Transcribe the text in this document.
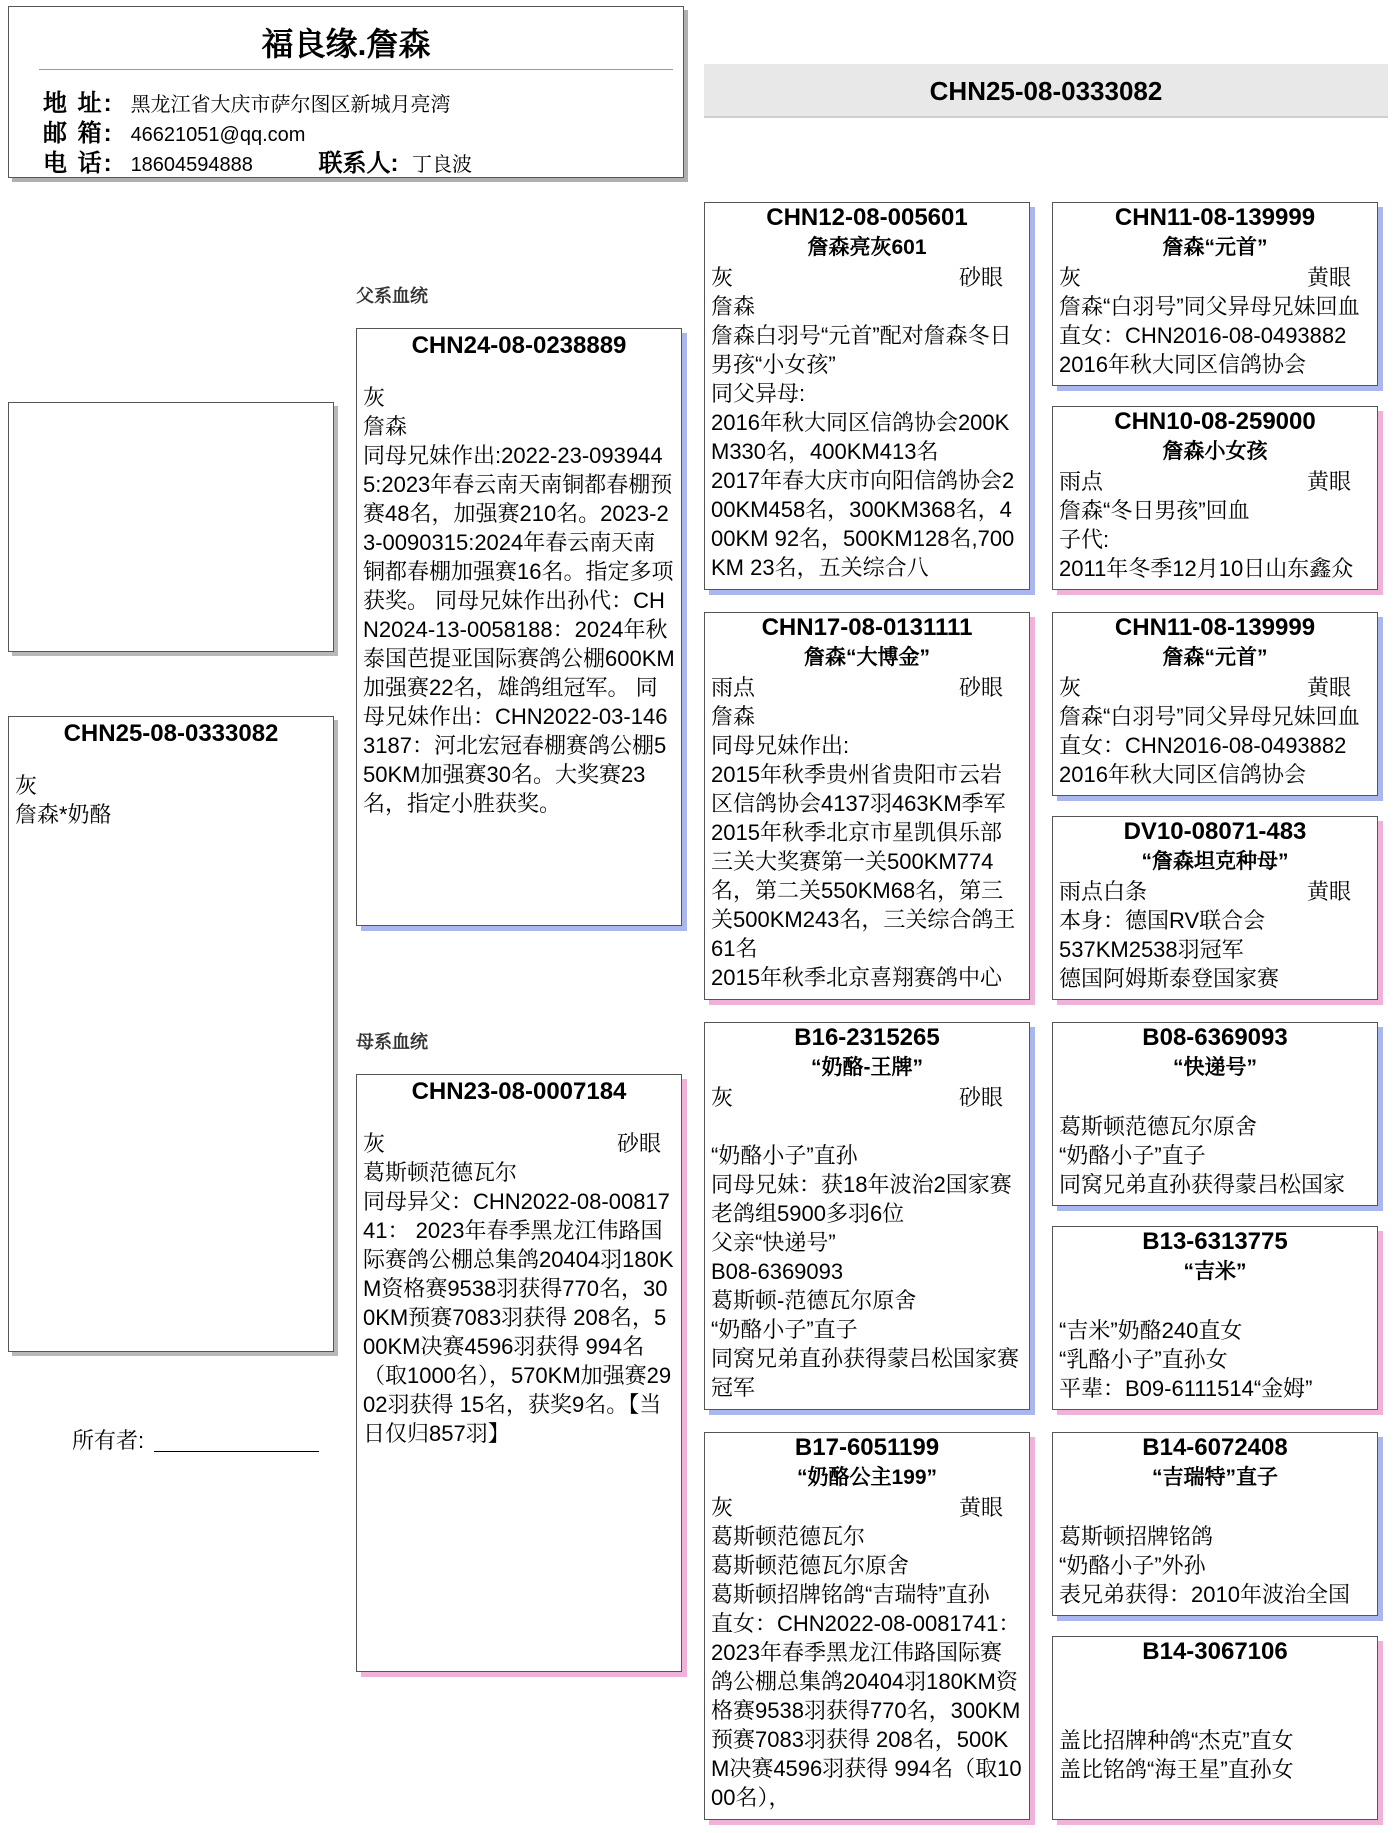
福良缘.詹森
地 址: 黑龙江省大庆市萨尔图区新城月亮湾
邮 箱: 46621051@qq.com
电 话: 18604594888	联系人: 丁良波
CHN25-08-0333082
父系血统
母系血统
CHN25-08-0333082
灰
詹森*奶酪
CHN24-08-0238889
灰
詹森
同母兄妹作出:2022-23-0939445:2023年春云南天南铜都春棚预赛48名，加强赛210名。2023-23-0090315:2024年春云南天南铜都春棚加强赛16名。指定多项获奖。 同母兄妹作出孙代：CHN2024-13-0058188：2024年秋泰国芭提亚国际赛鸽公棚600KM加强赛22名，雄鸽组冠军。 同母兄妹作出：CHN2022-03-1463187：河北宏冠春棚赛鸽公棚550KM加强赛30名。大奖赛23名，指定小胜获奖。
CHN23-08-0007184
灰	砂眼
葛斯顿范德瓦尔
同母异父：CHN2022-08-0081741： 2023年春季黑龙江伟路国际赛鸽公棚总集鸽20404羽180KM资格赛9538羽获得770名，300KM预赛7083羽获得 208名，500KM决赛4596羽获得 994名（取1000名），570KM加强赛2902羽获得 15名，获奖9名。【当日仅归857羽】
CHN12-08-005601
詹森亮灰601
灰	砂眼
詹森
詹森白羽号“元首”配对詹森冬日男孩“小女孩”
同父异母:
2016年秋大同区信鸽协会200KM330名，400KM413名
2017年春大庆市向阳信鸽协会200KM458名，300KM368名，400KM 92名，500KM128名,700KM 23名，五关综合八
CHN17-08-0131111
詹森“大博金”
雨点	砂眼
詹森
同母兄妹作出:
2015年秋季贵州省贵阳市云岩区信鸽协会4137羽463KM季军
2015年秋季北京市星凯俱乐部三关大奖赛第一关500KM774名，第二关550KM68名，第三关500KM243名，三关综合鸽王61名
2015年秋季北京喜翔赛鸽中心
B16-2315265
“奶酪-王牌”
灰	砂眼

“奶酪小子”直孙
同母兄妹：获18年波治2国家赛老鸽组5900多羽6位
父亲“快递号”
B08-6369093
葛斯顿-范德瓦尔原舍
“奶酪小子”直子
同窝兄弟直孙获得蒙吕松国家赛冠军
B17-6051199
“奶酪公主199”
灰	黄眼
葛斯顿范德瓦尔
葛斯顿范德瓦尔原舍
葛斯顿招牌铭鸽“吉瑞特”直孙
直女：CHN2022-08-0081741： 2023年春季黑龙江伟路国际赛鸽公棚总集鸽20404羽180KM资格赛9538羽获得770名，300KM预赛7083羽获得 208名，500KM决赛4596羽获得 994名（取1000名），
CHN11-08-139999
詹森“元首”
灰	黄眼
詹森“白羽号”同父异母兄妹回血
直女：CHN2016-08-0493882
2016年秋大同区信鸽协会
CHN10-08-259000
詹森小女孩
雨点	黄眼
詹森“冬日男孩”回血
子代:
2011年冬季12月10日山东鑫众
CHN11-08-139999
詹森“元首”
灰	黄眼
詹森“白羽号”同父异母兄妹回血
直女：CHN2016-08-0493882
2016年秋大同区信鸽协会
DV10-08071-483
“詹森坦克种母”
雨点白条	黄眼
本身：德国RV联合会
537KM2538羽冠军
德国阿姆斯泰登国家赛
B08-6369093
“快递号”
葛斯顿范德瓦尔原舍
“奶酪小子”直子
同窝兄弟直孙获得蒙吕松国家
B13-6313775
“吉米”
“吉米”奶酪240直女
“乳酪小子”直孙女
平辈：B09-6111514“金姆”
B14-6072408
“吉瑞特”直子
葛斯顿招牌铭鸽
“奶酪小子”外孙
表兄弟获得：2010年波治全国
B14-3067106
盖比招牌种鸽“杰克”直女
盖比铭鸽“海王星”直孙女
所有者:
